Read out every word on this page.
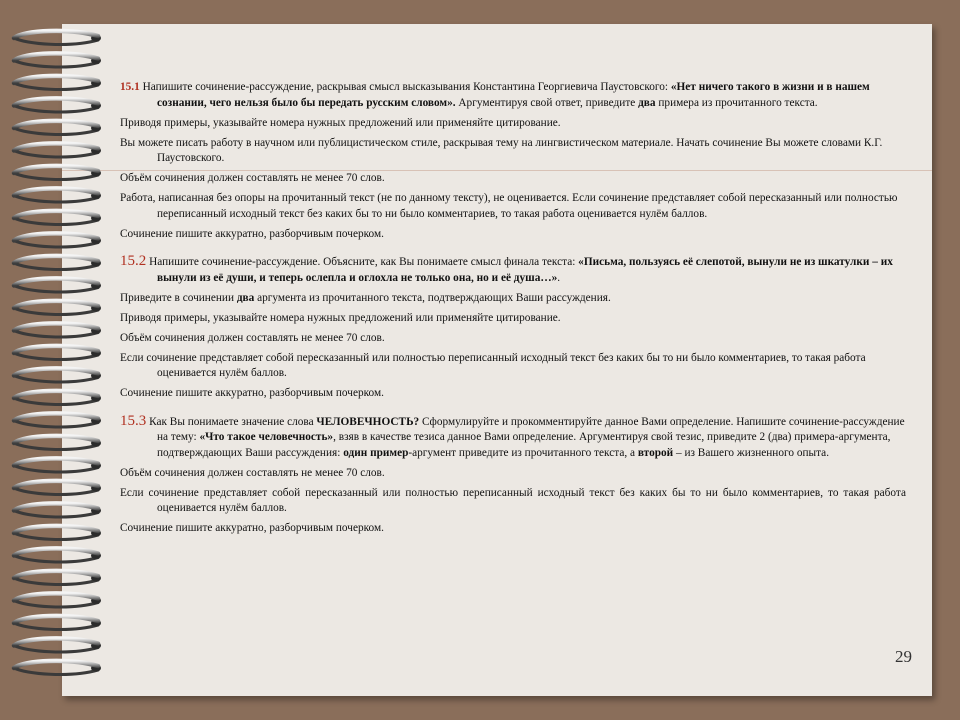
15.1 Напишите сочинение-рассуждение, раскрывая смысл высказывания Константина Георгиевича Паустовского: «Нет ничего такого в жизни и в нашем сознании, чего нельзя было бы передать русским словом». Аргументируя свой ответ, приведите два примера из прочитанного текста.

Приводя примеры, указывайте номера нужных предложений или применяйте цитирование.

Вы можете писать работу в научном или публицистическом стиле, раскрывая тему на лингвистическом материале. Начать сочинение Вы можете словами К.Г. Паустовского.

Объём сочинения должен составлять не менее 70 слов.

Работа, написанная без опоры на прочитанный текст (не по данному тексту), не оценивается. Если сочинение представляет собой пересказанный или полностью переписанный исходный текст без каких бы то ни было комментариев, то такая работа оценивается нулём баллов.

Сочинение пишите аккуратно, разборчивым почерком.

15.2 Напишите сочинение-рассуждение. Объясните, как Вы понимаете смысл финала текста: «Письма, пользуясь её слепотой, вынули не из шкатулки – их вынули из её души, и теперь ослепла и оглохла не только она, но и её душа…».

Приведите в сочинении два аргумента из прочитанного текста, подтверждающих Ваши рассуждения.

Приводя примеры, указывайте номера нужных предложений или применяйте цитирование.

Объём сочинения должен составлять не менее 70 слов.

Если сочинение представляет собой пересказанный или полностью переписанный исходный текст без каких бы то ни было комментариев, то такая работа оценивается нулём баллов.

Сочинение пишите аккуратно, разборчивым почерком.

15.3 Как Вы понимаете значение слова ЧЕЛОВЕЧНОСТЬ? Сформулируйте и прокомментируйте данное Вами определение. Напишите сочинение-рассуждение на тему: «Что такое человечность», взяв в качестве тезиса данное Вами определение. Аргументируя свой тезис, приведите 2 (два) примера-аргумента, подтверждающих Ваши рассуждения: один пример-аргумент приведите из прочитанного текста, а второй – из Вашего жизненного опыта.

Объём сочинения должен составлять не менее 70 слов.

Если сочинение представляет собой пересказанный или полностью переписанный исходный текст без каких бы то ни было комментариев, то такая работа оценивается нулём баллов.

Сочинение пишите аккуратно, разборчивым почерком.

29
